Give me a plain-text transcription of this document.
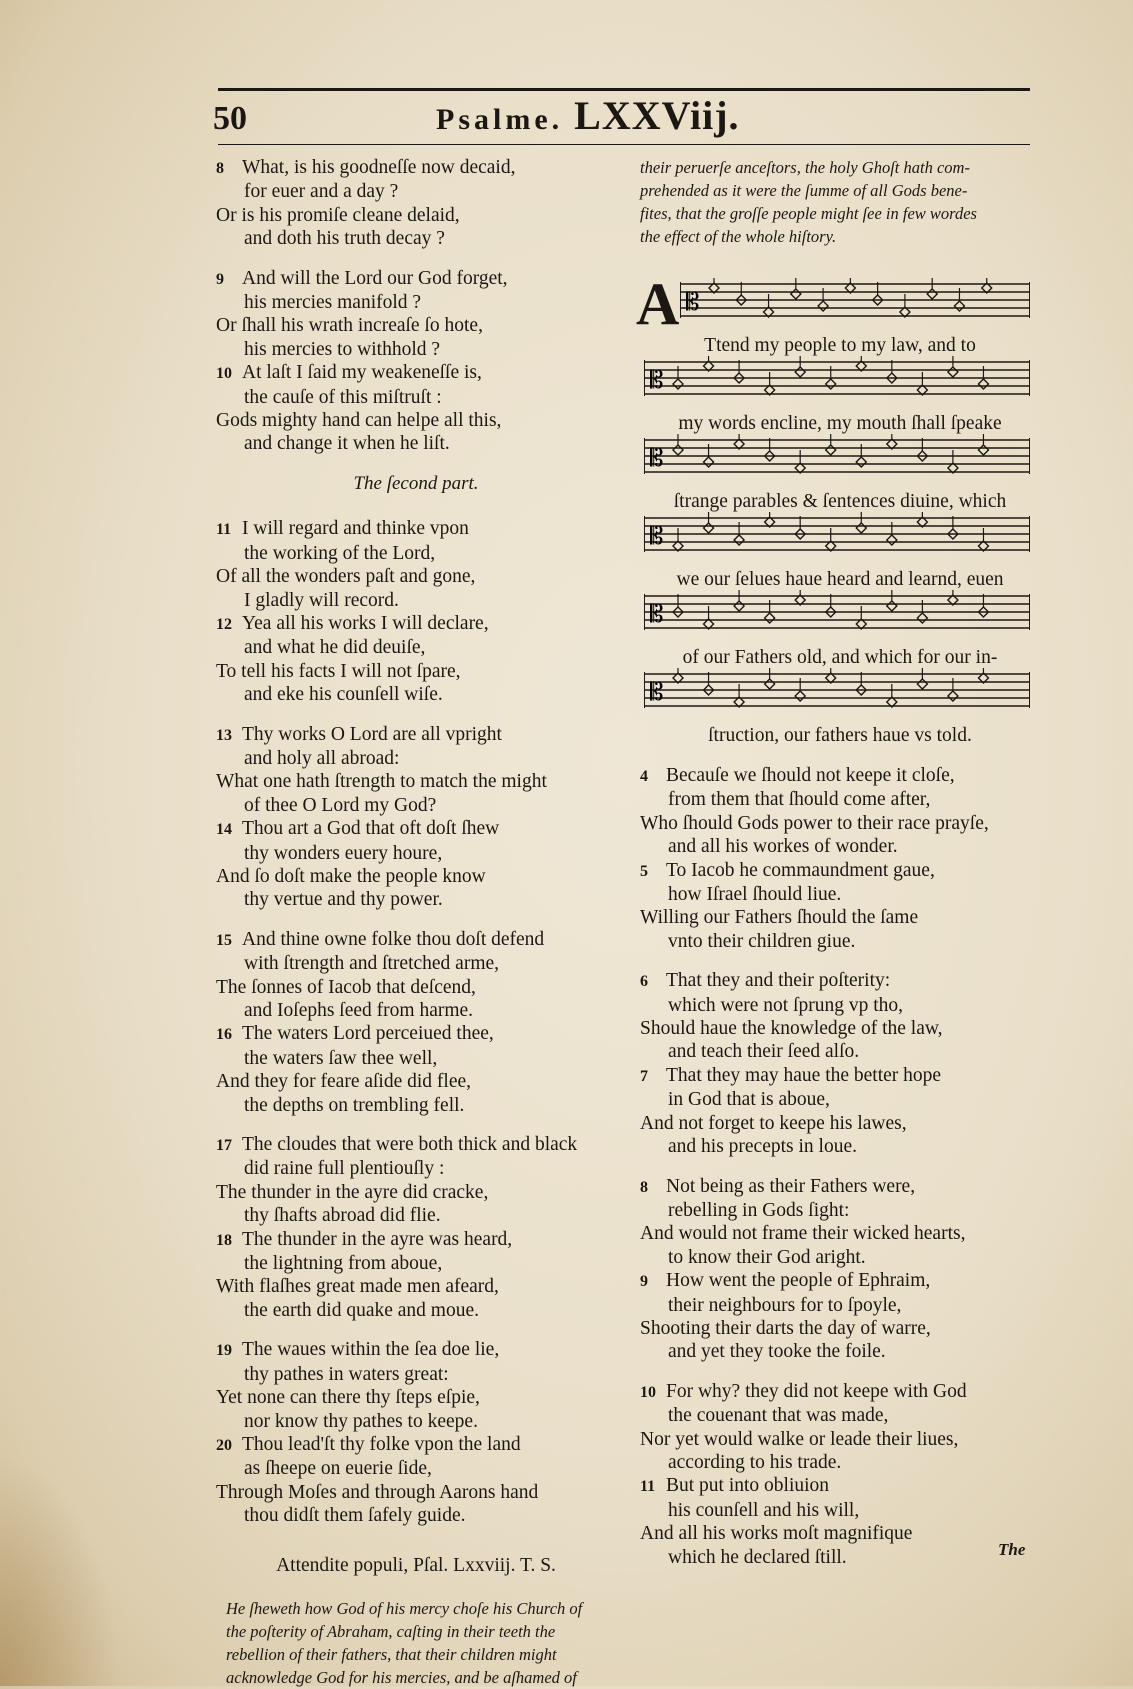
50	Psalme. LXXViij.
8 What, is his goodneſſe now decaid,
for euer and a day ?
Or is his promiſe cleane delaid,
and doth his truth decay ?
9 And will the Lord our God forget,
his mercies manifold ?
Or ſhall his wrath increaſe ſo hote,
his mercies to withhold ?
10 At laſt I ſaid my weakeneſſe is,
the cauſe of this miſtruſt :
Gods mighty hand can helpe all this,
and change it when he liſt.
The ſecond part.
11 I will regard and thinke vpon
the working of the Lord,
Of all the wonders paſt and gone,
I gladly will record.
12 Yea all his works I will declare,
and what he did deuiſe,
To tell his facts I will not ſpare,
and eke his counſell wiſe.
13 Thy works O Lord are all vpright
and holy all abroad:
What one hath ſtrength to match the might
of thee O Lord my God?
14 Thou art a God that oft doſt ſhew
thy wonders euery houre,
And ſo doſt make the people know
thy vertue and thy power.
15 And thine owne folke thou doſt defend
with ſtrength and ſtretched arme,
The ſonnes of Iacob that deſcend,
and Ioſephs ſeed from harme.
16 The waters Lord perceiued thee,
the waters ſaw thee well,
And they for feare aſide did flee,
the depths on trembling fell.
17 The cloudes that were both thick and black
did raine full plentiouſly :
The thunder in the ayre did cracke,
thy ſhafts abroad did flie.
18 The thunder in the ayre was heard,
the lightning from aboue,
With flaſhes great made men afeard,
the earth did quake and moue.
19 The waues within the ſea doe lie,
thy pathes in waters great:
Yet none can there thy ſteps eſpie,
nor know thy pathes to keepe.
20 Thou lead'ſt thy folke vpon the land
as ſheepe on euerie ſide,
Through Moſes and through Aarons hand
thou didſt them ſafely guide.
Attendite populi, Pſal. Lxxviij. T. S.
He ſheweth how God of his mercy choſe his Church of
the poſterity of Abraham, caſting in their teeth the
rebellion of their fathers, that their children might
acknowledge God for his mercies, and be aſhamed of
their peruerſe anceſtors, the holy Ghoſt hath com-
prehended as it were the ſumme of all Gods bene-
fites, that the groſſe people might ſee in few wordes
the effect of the whole hiſtory.
A 𝄡
Ttend my people to my law, and to
𝄡
my words encline, my mouth ſhall ſpeake
𝄡
ſtrange parables & ſentences diuine, which
𝄡
we our ſelues haue heard and learnd, euen
𝄡
of our Fathers old, and which for our in-
𝄡
ſtruction, our fathers haue vs told.
4 Becauſe we ſhould not keepe it cloſe,
from them that ſhould come after,
Who ſhould Gods power to their race prayſe,
and all his workes of wonder.
5 To Iacob he commaundment gaue,
how Iſrael ſhould liue.
Willing our Fathers ſhould the ſame
vnto their children giue.
6 That they and their poſterity:
which were not ſprung vp tho,
Should haue the knowledge of the law,
and teach their ſeed alſo.
7 That they may haue the better hope
in God that is aboue,
And not forget to keepe his lawes,
and his precepts in loue.
8 Not being as their Fathers were,
rebelling in Gods ſight:
And would not frame their wicked hearts,
to know their God aright.
9 How went the people of Ephraim,
their neighbours for to ſpoyle,
Shooting their darts the day of warre,
and yet they tooke the foile.
10 For why? they did not keepe with God
the couenant that was made,
Nor yet would walke or leade their liues,
according to his trade.
11 But put into obliuion
his counſell and his will,
And all his works moſt magnifique
which he declared ſtill.	The
